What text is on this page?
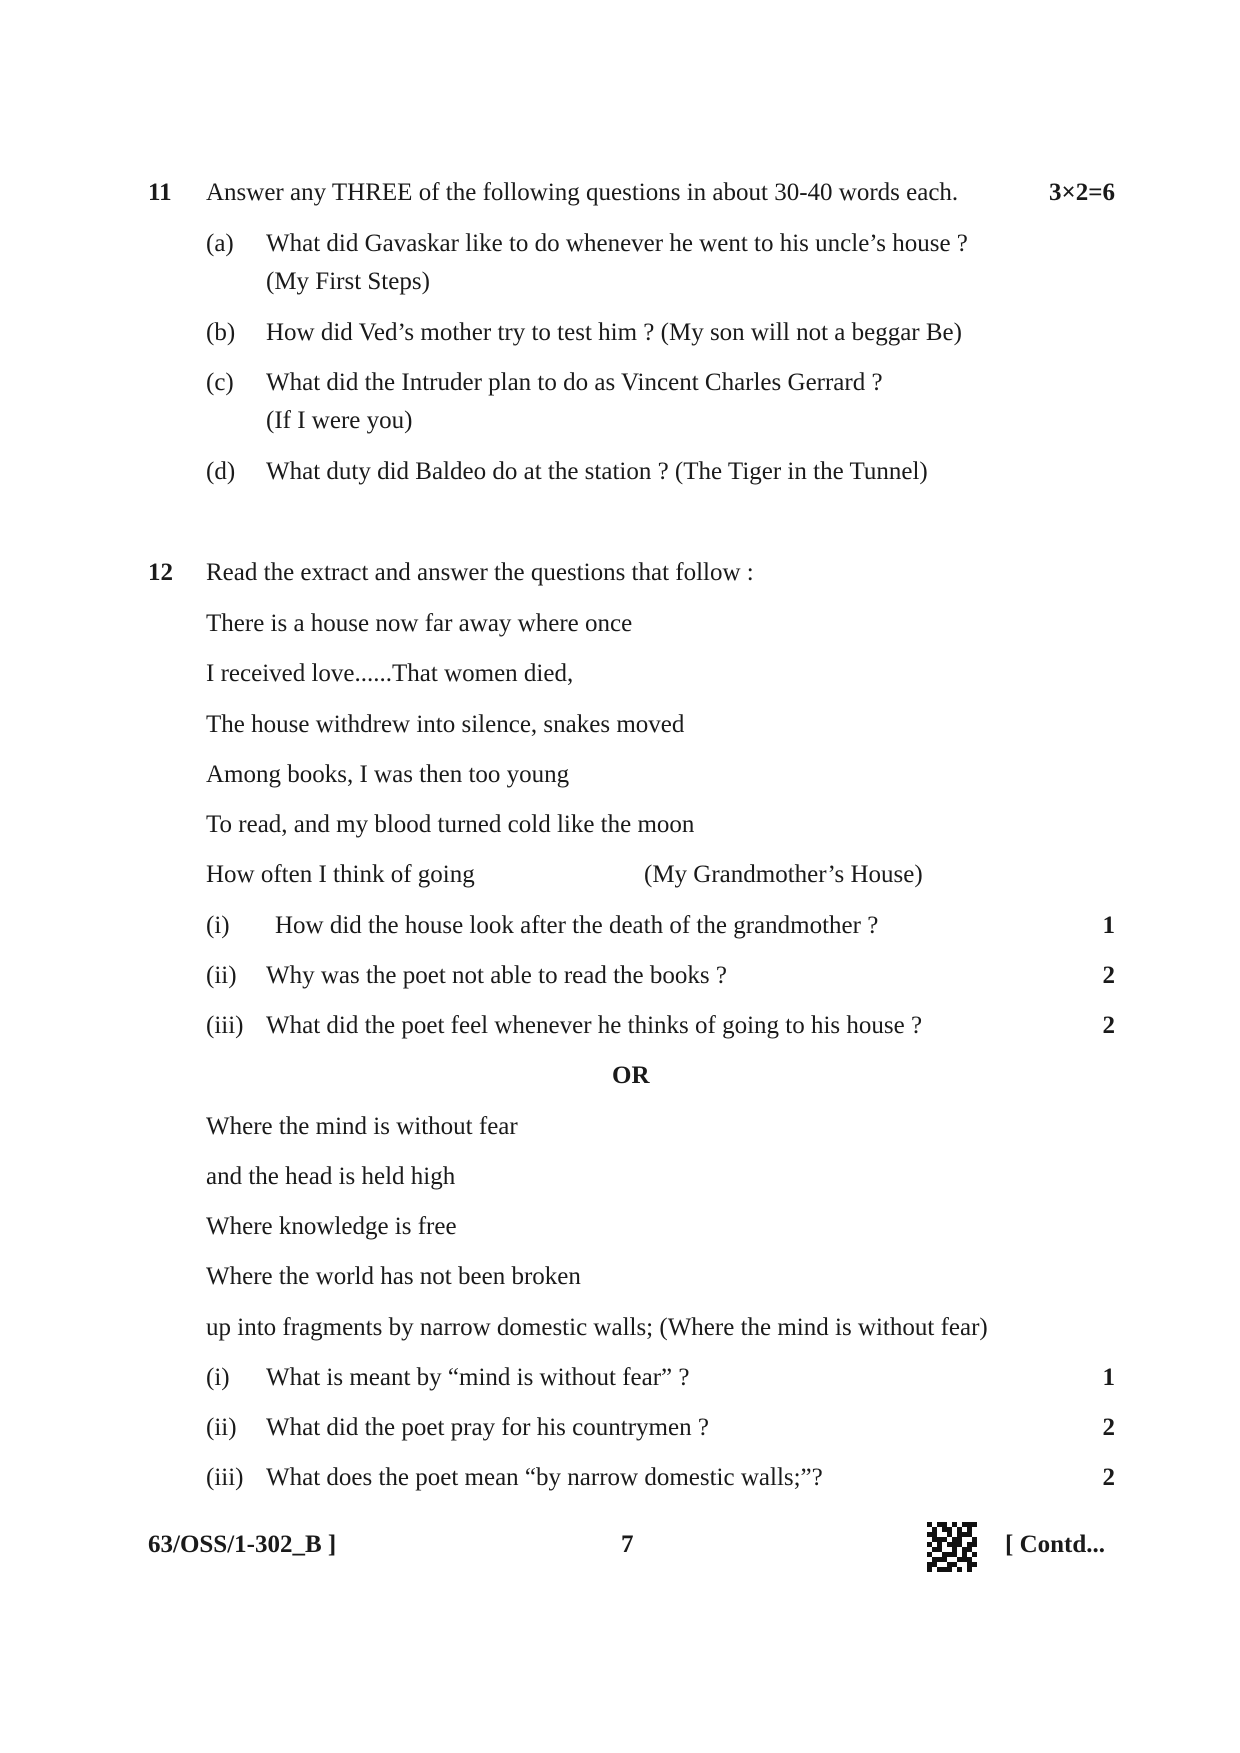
11 Answer any THREE of the following questions in about 30-40 words each.	3×2=6
(a) What did Gavaskar like to do whenever he went to his uncle’s house ?
(My First Steps)
(b) How did Ved’s mother try to test him ? (My son will not a beggar Be)
(c) What did the Intruder plan to do as Vincent Charles Gerrard ?
(If I were you)
(d) What duty did Baldeo do at the station ? (The Tiger in the Tunnel)
12 Read the extract and answer the questions that follow :
There is a house now far away where once
I received love......That women died,
The house withdrew into silence, snakes moved
Among books, I was then too young
To read, and my blood turned cold like the moon
How often I think of going	(My Grandmother’s House)
(i) How did the house look after the death of the grandmother ?	1
(ii) Why was the poet not able to read the books ?	2
(iii) What did the poet feel whenever he thinks of going to his house ?	2
OR
Where the mind is without fear
and the head is held high
Where knowledge is free
Where the world has not been broken
up into fragments by narrow domestic walls; (Where the mind is without fear)
(i) What is meant by “mind is without fear” ?	1
(ii) What did the poet pray for his countrymen ?	2
(iii) What does the poet mean “by narrow domestic walls;”?	2
63/OSS/1-302_B ]	7	[ Contd...
